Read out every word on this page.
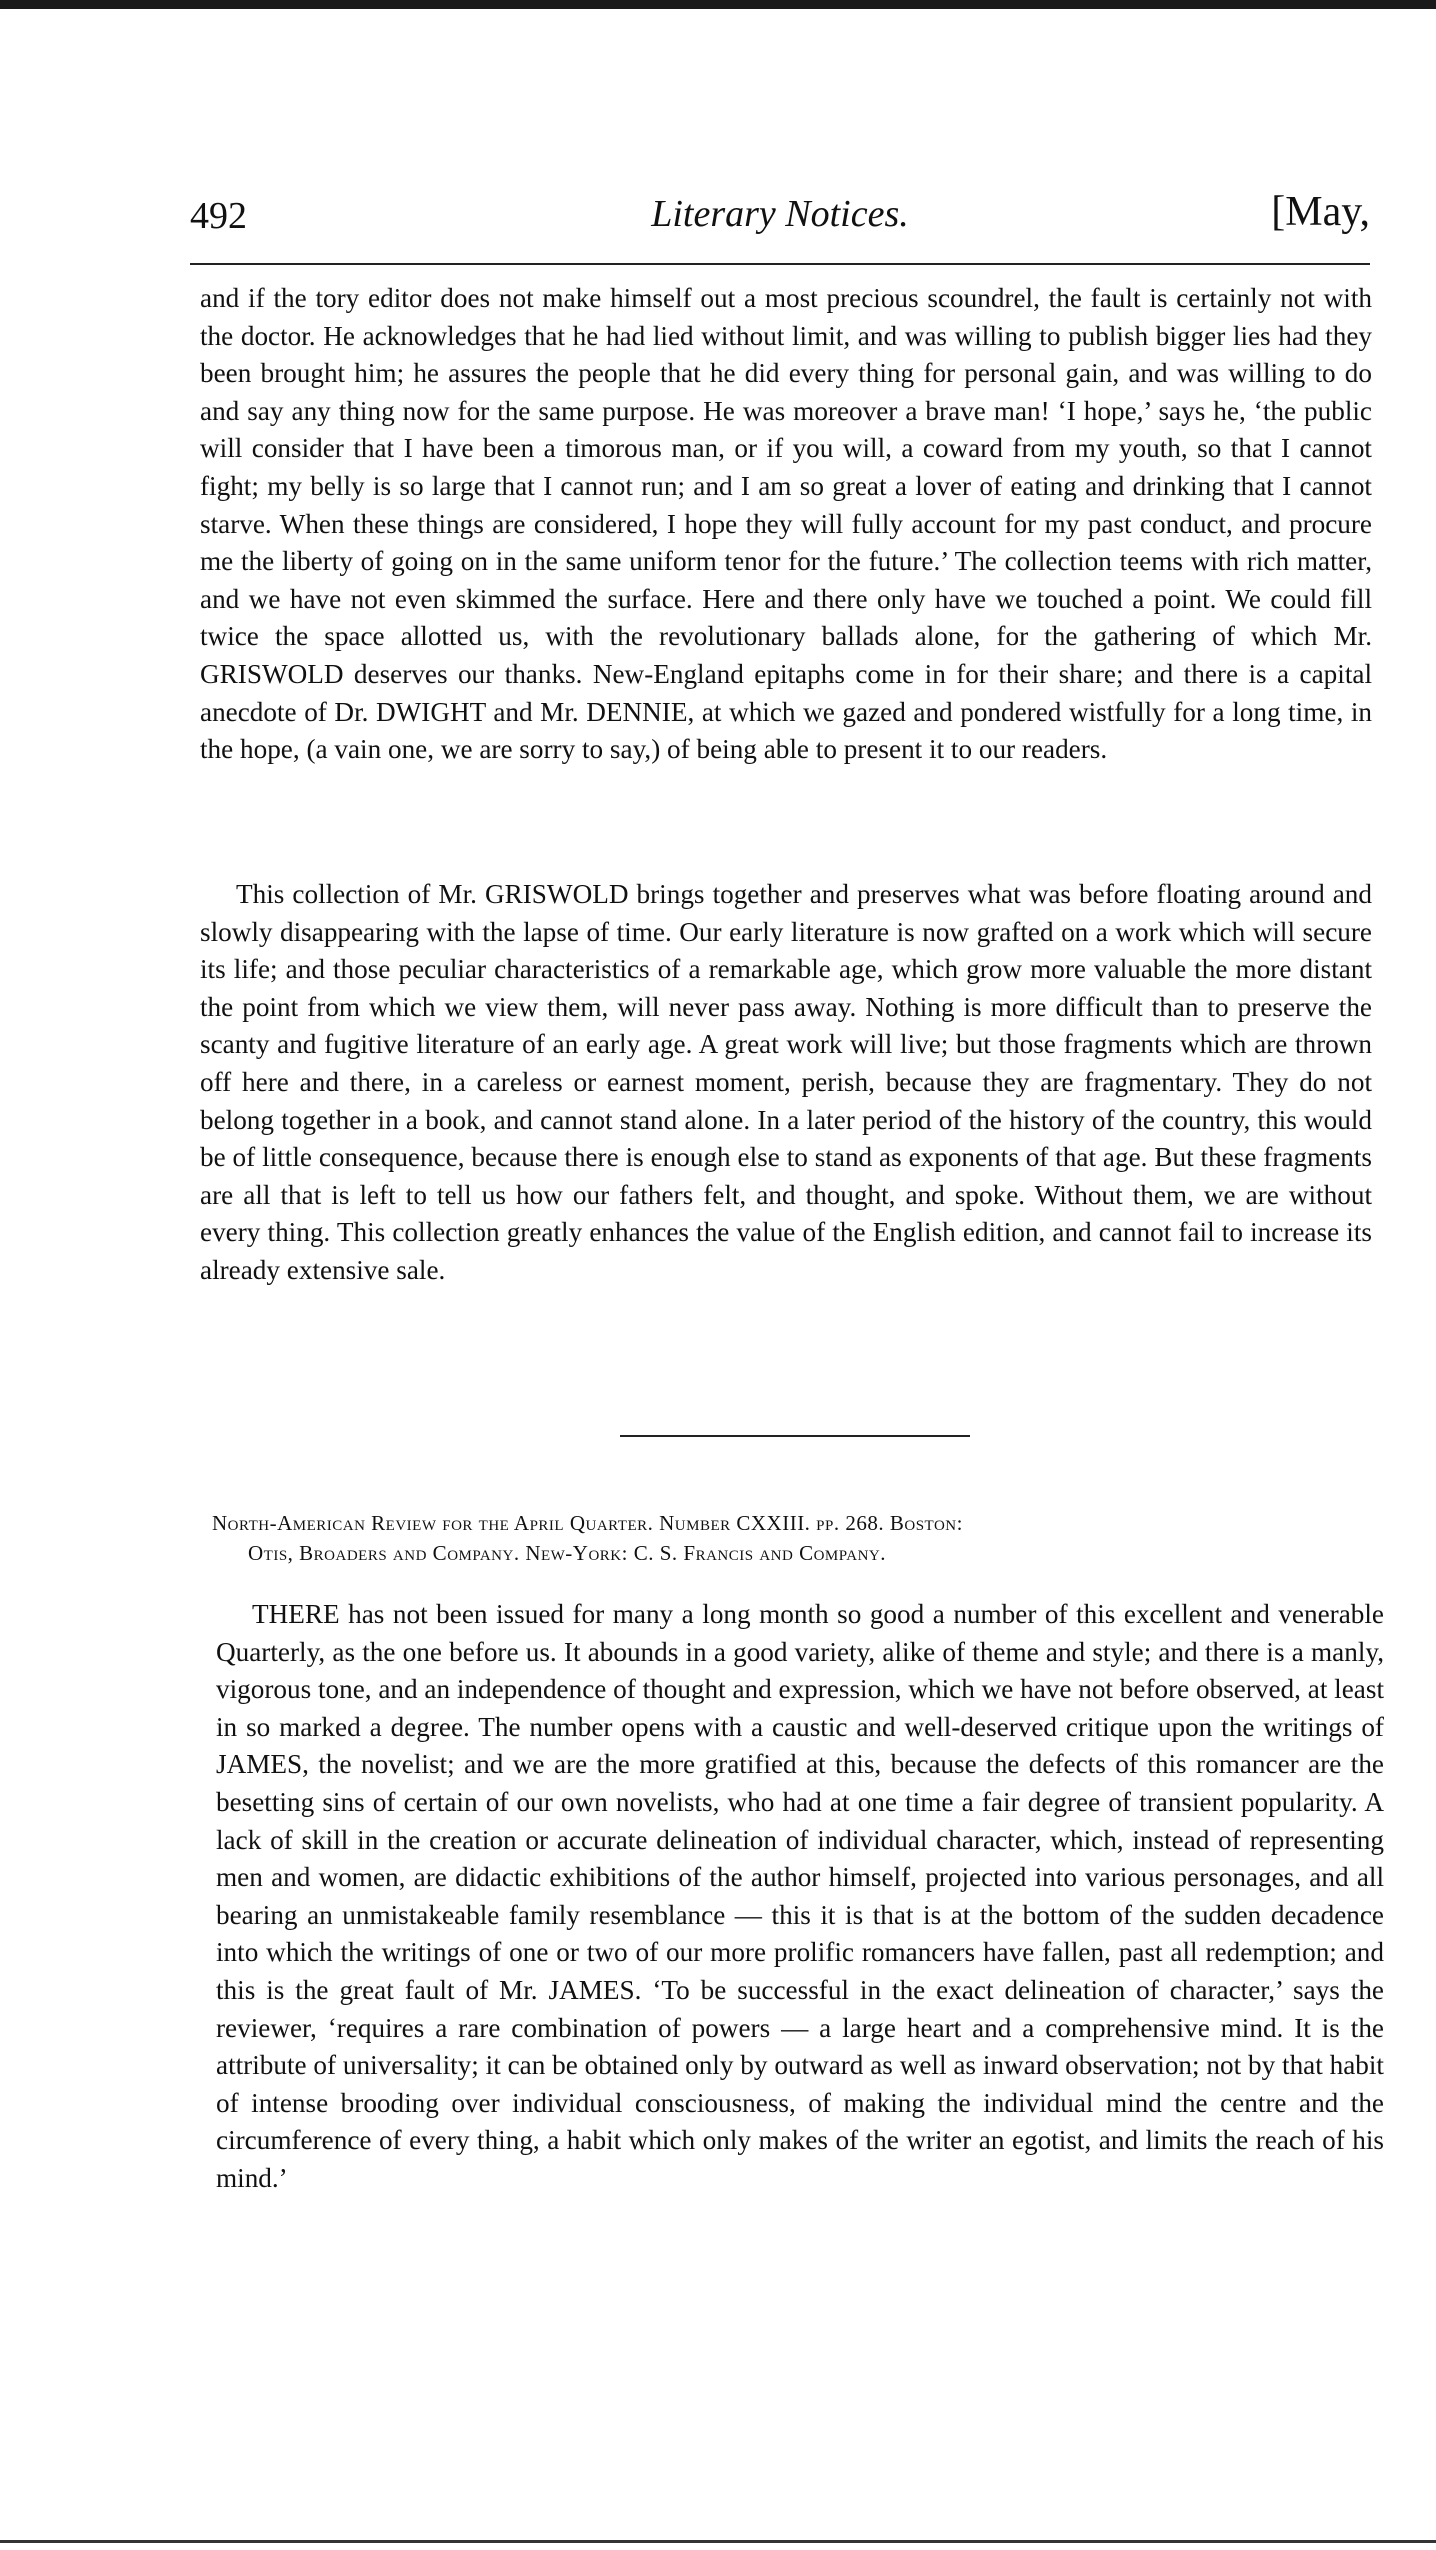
492	Literary Notices.	[May,

and if the tory editor does not make himself out a most precious scoundrel, the fault is certainly not with the doctor. He acknowledges that he had lied without limit, and was willing to publish bigger lies had they been brought him; he assures the people that he did every thing for personal gain, and was willing to do and say any thing now for the same purpose. He was moreover a brave man! ‘I hope,’ says he, ‘the public will consider that I have been a timorous man, or if you will, a coward from my youth, so that I cannot fight; my belly is so large that I cannot run; and I am so great a lover of eating and drinking that I cannot starve. When these things are considered, I hope they will fully account for my past conduct, and procure me the liberty of going on in the same uniform tenor for the future.’ The collection teems with rich matter, and we have not even skimmed the surface. Here and there only have we touched a point. We could fill twice the space allotted us, with the revolutionary ballads alone, for the gathering of which Mr. GRISWOLD deserves our thanks. New-England epitaphs come in for their share; and there is a capital anecdote of Dr. DWIGHT and Mr. DENNIE, at which we gazed and pondered wistfully for a long time, in the hope, (a vain one, we are sorry to say,) of being able to present it to our readers.

This collection of Mr. GRISWOLD brings together and preserves what was before floating around and slowly disappearing with the lapse of time. Our early literature is now grafted on a work which will secure its life; and those peculiar characteristics of a remarkable age, which grow more valuable the more distant the point from which we view them, will never pass away. Nothing is more difficult than to preserve the scanty and fugitive literature of an early age. A great work will live; but those fragments which are thrown off here and there, in a careless or earnest moment, perish, because they are fragmentary. They do not belong together in a book, and cannot stand alone. In a later period of the history of the country, this would be of little consequence, because there is enough else to stand as exponents of that age. But these fragments are all that is left to tell us how our fathers felt, and thought, and spoke. Without them, we are without every thing. This collection greatly enhances the value of the English edition, and cannot fail to increase its already extensive sale.

North-American Review for the April Quarter. Number CXXIII. pp. 268. Boston:
Otis, Broaders and Company. New-York: C. S. Francis and Company.

THERE has not been issued for many a long month so good a number of this excellent and venerable Quarterly, as the one before us. It abounds in a good variety, alike of theme and style; and there is a manly, vigorous tone, and an independence of thought and expression, which we have not before observed, at least in so marked a degree. The number opens with a caustic and well-deserved critique upon the writings of JAMES, the novelist; and we are the more gratified at this, because the defects of this romancer are the besetting sins of certain of our own novelists, who had at one time a fair degree of transient popularity. A lack of skill in the creation or accurate delineation of individual character, which, instead of representing men and women, are didactic exhibitions of the author himself, projected into various personages, and all bearing an unmistakeable family resemblance — this it is that is at the bottom of the sudden decadence into which the writings of one or two of our more prolific romancers have fallen, past all redemption; and this is the great fault of Mr. JAMES. ‘To be successful in the exact delineation of character,’ says the reviewer, ‘requires a rare combination of powers — a large heart and a comprehensive mind. It is the attribute of universality; it can be obtained only by outward as well as inward observation; not by that habit of intense brooding over individual consciousness, of making the individual mind the centre and the circumference of every thing, a habit which only makes of the writer an egotist, and limits the reach of his mind.’
